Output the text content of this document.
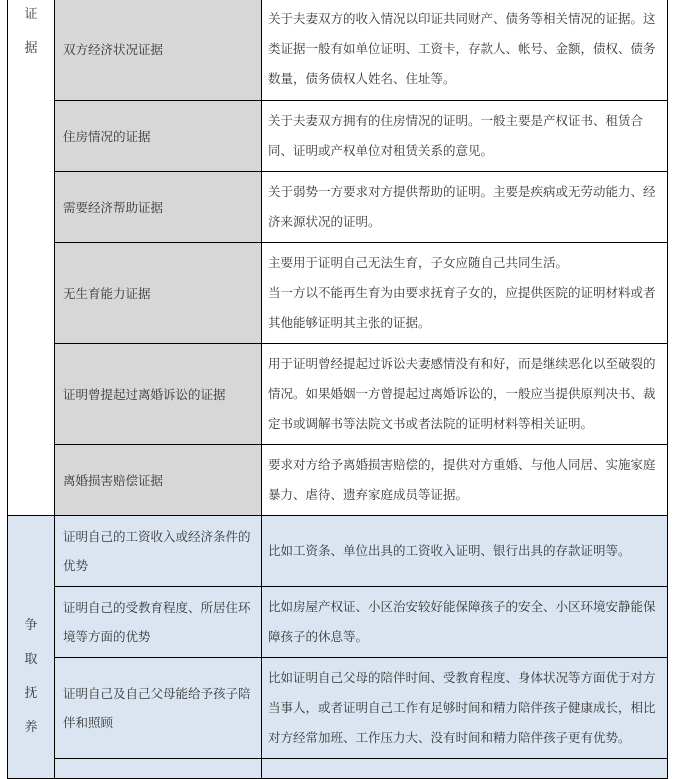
证
据	双方经济状况证据	关于夫妻双方的收入情况以印证共同财产、债务等相关情况的证据。这类证据一般有如单位证明、工资卡，存款人、帐号、金额，债权、债务数量，债务债权人姓名、住址等。

	住房情况的证据	关于夫妻双方拥有的住房情况的证明。一般主要是产权证书、租赁合同、证明或产权单位对租赁关系的意见。

	需要经济帮助证据	关于弱势一方要求对方提供帮助的证明。主要是疾病或无劳动能力、经济来源状况的证明。

	无生育能力证据	主要用于证明自己无法生育，子女应随自己共同生活。

当一方以不能再生育为由要求抚育子女的，应提供医院的证明材料或者其他能够证明其主张的证据。

	证明曾提起过离婚诉讼的证据	用于证明曾经提起过诉讼夫妻感情没有和好，而是继续恶化以至破裂的情况。如果婚姻一方曾提起过离婚诉讼的，一般应当提供原判决书、裁定书或调解书等法院文书或者法院的证明材料等相关证明。

	离婚损害赔偿证据	要求对方给予离婚损害赔偿的，提供对方重婚、与他人同居、实施家庭暴力、虐待、遗弃家庭成员等证据。

争
取
抚
养	证明自己的工资收入或经济条件的优势	比如工资条、单位出具的工资收入证明、银行出具的存款证明等。

	证明自己的受教育程度、所居住环境等方面的优势	比如房屋产权证、小区治安较好能保障孩子的安全、小区环境安静能保障孩子的休息等。

	证明自己及自己父母能给予孩子陪伴和照顾	比如证明自己父母的陪伴时间、受教育程度、身体状况等方面优于对方当事人，或者证明自己工作有足够时间和精力陪伴孩子健康成长，相比对方经常加班、工作压力大、没有时间和精力陪伴孩子更有优势。
